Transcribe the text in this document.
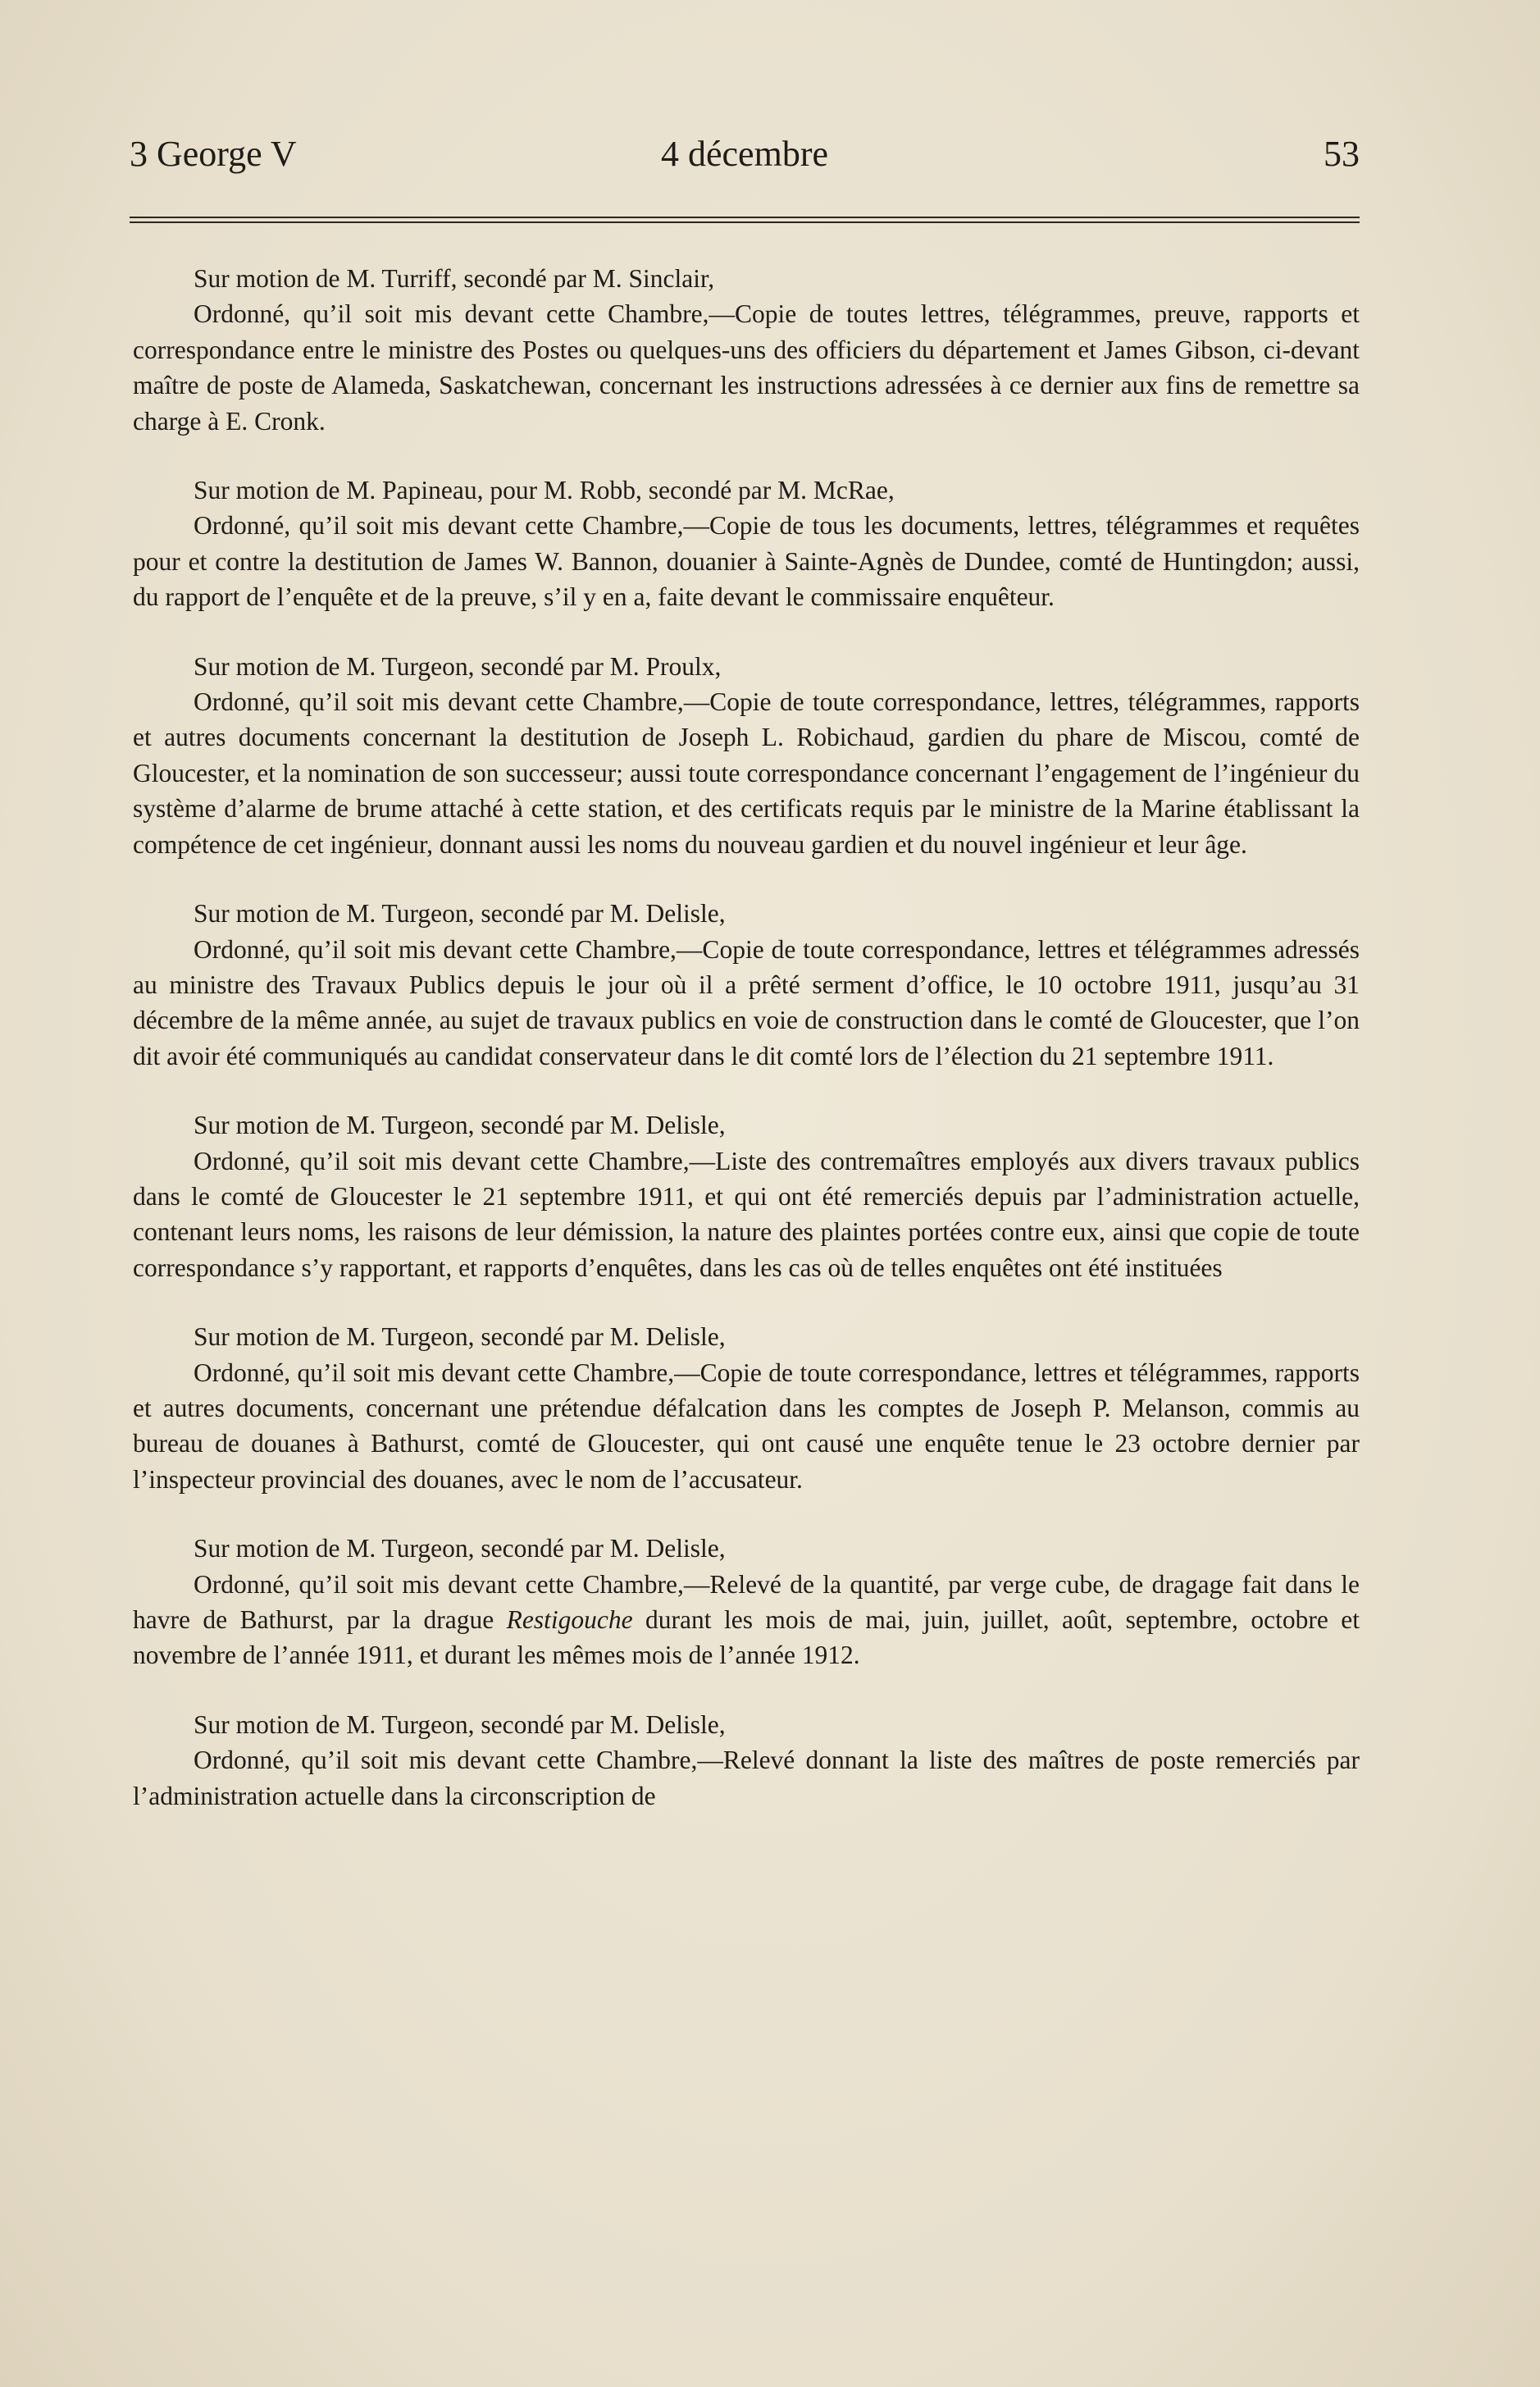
3 George V	4 décembre	53
Sur motion de M. Turriff, secondé par M. Sinclair,
Ordonné, qu’il soit mis devant cette Chambre,—Copie de toutes lettres, télégrammes, preuve, rapports et correspondance entre le ministre des Postes ou quelques-uns des officiers du département et James Gibson, ci-devant maître de poste de Alameda, Saskatchewan, concernant les instructions adressées à ce dernier aux fins de remettre sa charge à E. Cronk.
Sur motion de M. Papineau, pour M. Robb, secondé par M. McRae,
Ordonné, qu’il soit mis devant cette Chambre,—Copie de tous les documents, lettres, télégrammes et requêtes pour et contre la destitution de James W. Bannon, douanier à Sainte-Agnès de Dundee, comté de Huntingdon; aussi, du rapport de l’enquête et de la preuve, s’il y en a, faite devant le commissaire enquêteur.
Sur motion de M. Turgeon, secondé par M. Proulx,
Ordonné, qu’il soit mis devant cette Chambre,—Copie de toute correspondance, lettres, télégrammes, rapports et autres documents concernant la destitution de Joseph L. Robichaud, gardien du phare de Miscou, comté de Gloucester, et la nomination de son successeur; aussi toute correspondance concernant l’engagement de l’ingénieur du système d’alarme de brume attaché à cette station, et des certificats requis par le ministre de la Marine établissant la compétence de cet ingénieur, donnant aussi les noms du nouveau gardien et du nouvel ingénieur et leur âge.
Sur motion de M. Turgeon, secondé par M. Delisle,
Ordonné, qu’il soit mis devant cette Chambre,—Copie de toute correspondance, lettres et télégrammes adressés au ministre des Travaux Publics depuis le jour où il a prêté serment d’office, le 10 octobre 1911, jusqu’au 31 décembre de la même année, au sujet de travaux publics en voie de construction dans le comté de Gloucester, que l’on dit avoir été communiqués au candidat conservateur dans le dit comté lors de l’élection du 21 septembre 1911.
Sur motion de M. Turgeon, secondé par M. Delisle,
Ordonné, qu’il soit mis devant cette Chambre,—Liste des contremaîtres employés aux divers travaux publics dans le comté de Gloucester le 21 septembre 1911, et qui ont été remerciés depuis par l’administration actuelle, contenant leurs noms, les raisons de leur démission, la nature des plaintes portées contre eux, ainsi que copie de toute correspondance s’y rapportant, et rapports d’enquêtes, dans les cas où de telles enquêtes ont été instituées
Sur motion de M. Turgeon, secondé par M. Delisle,
Ordonné, qu’il soit mis devant cette Chambre,—Copie de toute correspondance, lettres et télégrammes, rapports et autres documents, concernant une prétendue défalcation dans les comptes de Joseph P. Melanson, commis au bureau de douanes à Bathurst, comté de Gloucester, qui ont causé une enquête tenue le 23 octobre dernier par l’inspecteur provincial des douanes, avec le nom de l’accusateur.
Sur motion de M. Turgeon, secondé par M. Delisle,
Ordonné, qu’il soit mis devant cette Chambre,—Relevé de la quantité, par verge cube, de dragage fait dans le havre de Bathurst, par la drague Restigouche durant les mois de mai, juin, juillet, août, septembre, octobre et novembre de l’année 1911, et durant les mêmes mois de l’année 1912.
Sur motion de M. Turgeon, secondé par M. Delisle,
Ordonné, qu’il soit mis devant cette Chambre,—Relevé donnant la liste des maîtres de poste remerciés par l’administration actuelle dans la circonscription de
